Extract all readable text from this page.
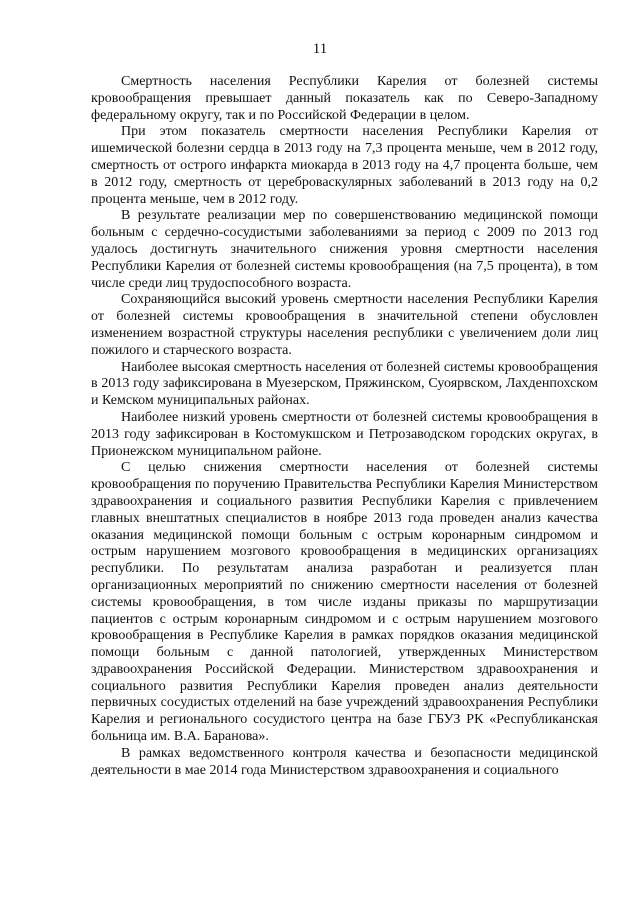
11

Смертность населения Республики Карелия от болезней системы кровообращения превышает данный показатель как по Северо-Западному федеральному округу, так и по Российской Федерации в целом.

При этом показатель смертности населения Республики Карелия от ишемической болезни сердца в 2013 году на 7,3 процента меньше, чем в 2012 году, смертность от острого инфаркта миокарда в 2013 году на 4,7 процента больше, чем в 2012 году, смертность от цереброваскулярных заболеваний в 2013 году на 0,2 процента меньше, чем в 2012 году.

В результате реализации мер по совершенствованию медицинской помощи больным с сердечно-сосудистыми заболеваниями за период с 2009 по 2013 год удалось достигнуть значительного снижения уровня смертности населения Республики Карелия от болезней системы кровообращения (на 7,5 процента), в том числе среди лиц трудоспособного возраста.

Сохраняющийся высокий уровень смертности населения Республики Карелия от болезней системы кровообращения в значительной степени обусловлен изменением возрастной структуры населения республики с увеличением доли лиц пожилого и старческого возраста.

Наиболее высокая смертность населения от болезней системы кровообращения в 2013 году зафиксирована в Муезерском, Пряжинском, Суоярвском, Лахденпохском и Кемском муниципальных районах.

Наиболее низкий уровень смертности от болезней системы кровообращения в 2013 году зафиксирован в Костомукшском и Петрозаводском городских округах, в Прионежском муниципальном районе.

С целью снижения смертности населения от болезней системы кровообращения по поручению Правительства Республики Карелия Министерством здравоохранения и социального развития Республики Карелия с привлечением главных внештатных специалистов в ноябре 2013 года проведен анализ качества оказания медицинской помощи больным с острым коронарным синдромом и острым нарушением мозгового кровообращения в медицинских организациях республики. По результатам анализа разработан и реализуется план организационных мероприятий по снижению смертности населения от болезней системы кровообращения, в том числе изданы приказы по маршрутизации пациентов с острым коронарным синдромом и с острым нарушением мозгового кровообращения в Республике Карелия в рамках порядков оказания медицинской помощи больным с данной патологией, утвержденных Министерством здравоохранения Российской Федерации. Министерством здравоохранения и социального развития Республики Карелия проведен анализ деятельности первичных сосудистых отделений на базе учреждений здравоохранения Республики Карелия и регионального сосудистого центра на базе ГБУЗ РК «Республиканская больница им. В.А. Баранова».

В рамках ведомственного контроля качества и безопасности медицинской деятельности в мае 2014 года Министерством здравоохранения и социального
